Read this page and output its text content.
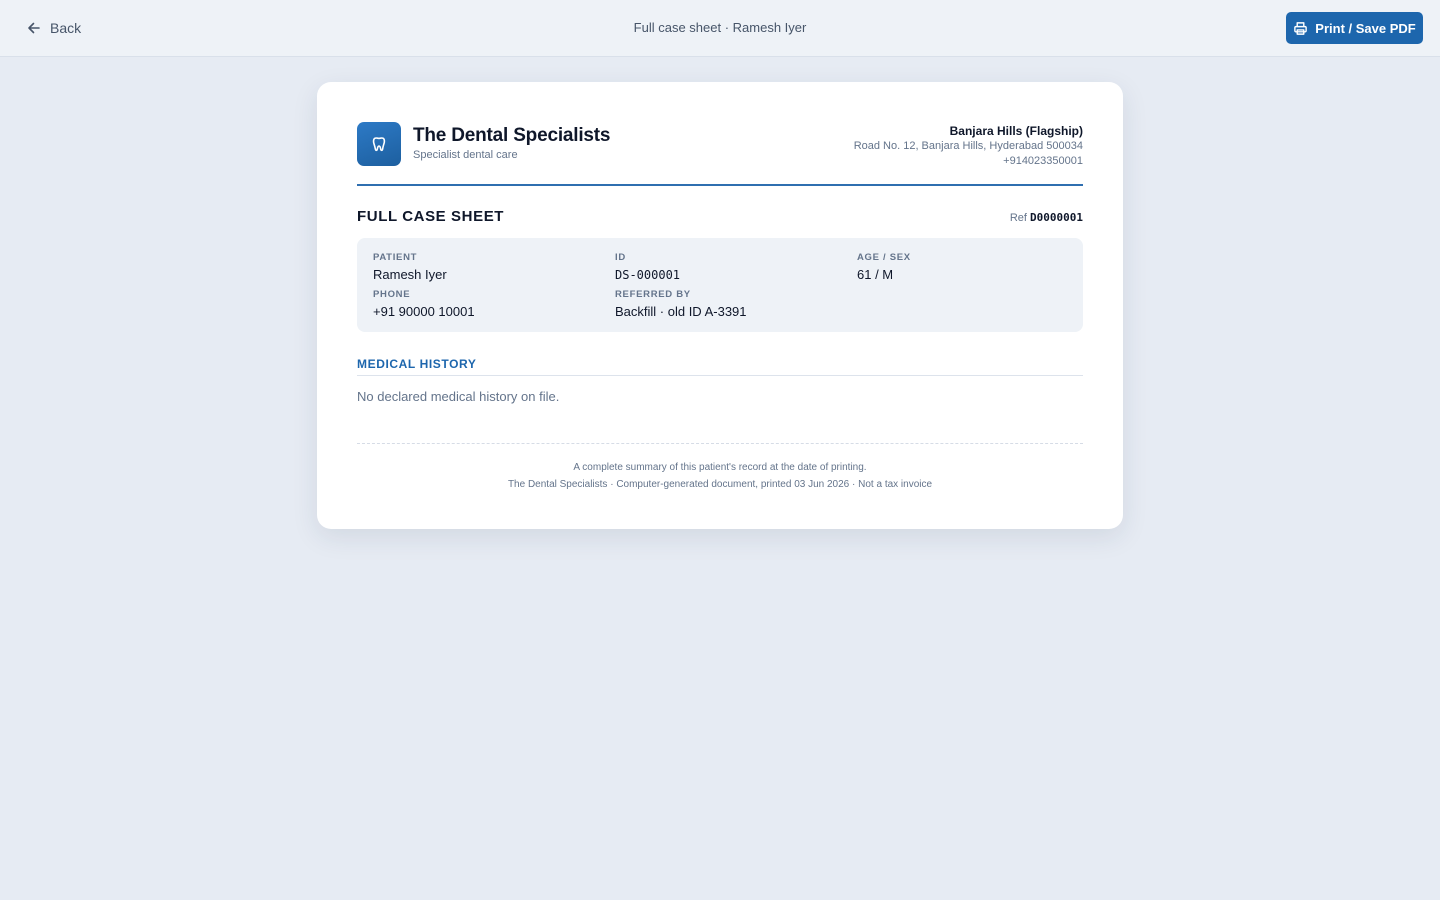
Back	Full case sheet · Ramesh Iyer	Print / Save PDF
The Dental Specialists
Specialist dental care
Banjara Hills (Flagship)
Road No. 12, Banjara Hills, Hyderabad 500034
+914023350001
FULL CASE SHEET	Ref D0000001
PATIENT
Ramesh Iyer
ID
DS-000001
AGE / SEX
61 / M
PHONE
+91 90000 10001
REFERRED BY
Backfill · old ID A-3391
MEDICAL HISTORY
No declared medical history on file.
A complete summary of this patient's record at the date of printing.
The Dental Specialists · Computer-generated document, printed 03 Jun 2026 · Not a tax invoice
